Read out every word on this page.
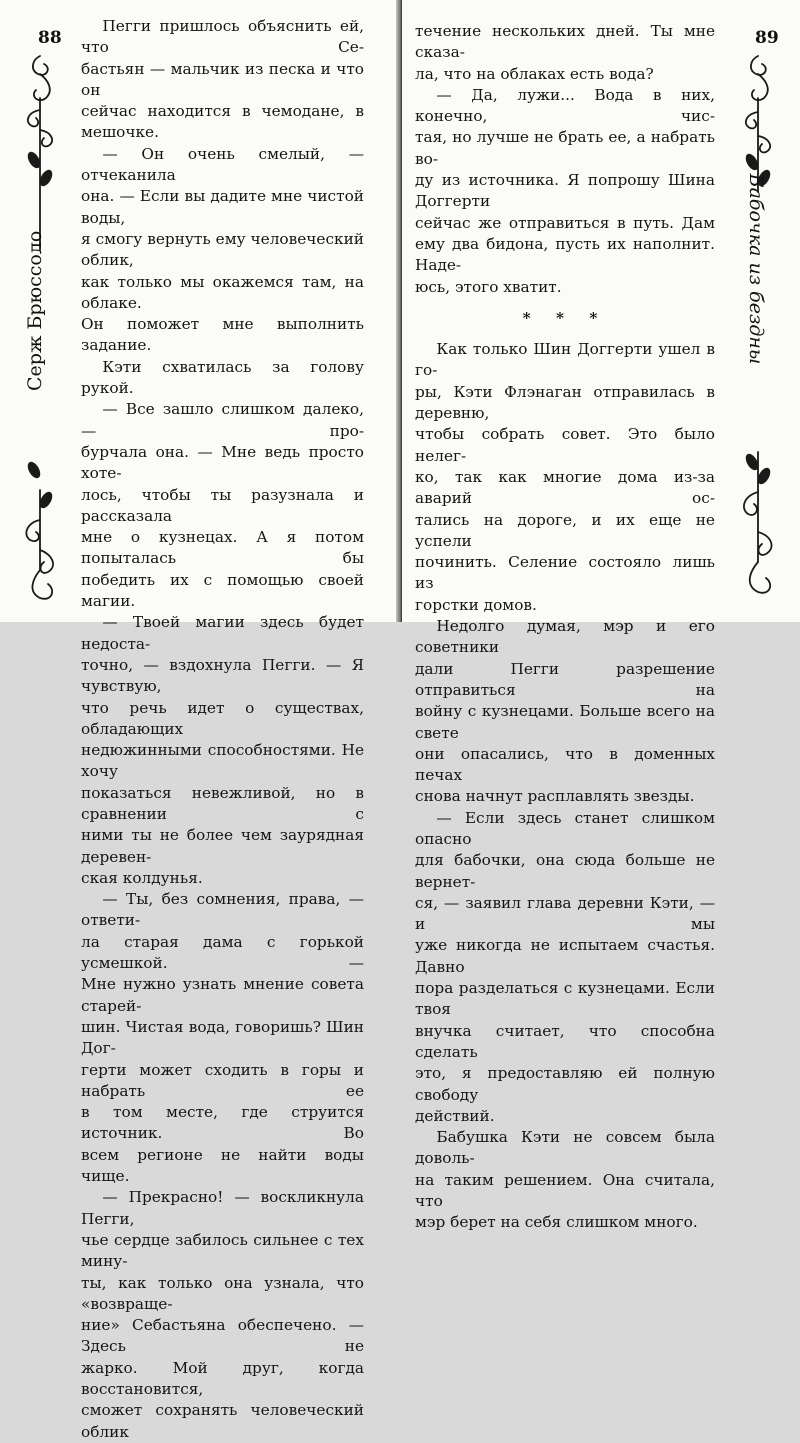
88
Серж Брюссоло
Пегги пришлось объяснить ей, что Се-
бастьян — мальчик из песка и что он
сейчас находится в чемодане, в мешочке.
— Он очень смелый, — отчеканила
она. — Если вы дадите мне чистой воды,
я смогу вернуть ему человеческий облик,
как только мы окажемся там, на облаке.
Он поможет мне выполнить задание.
Кэти схватилась за голову рукой.
— Все зашло слишком далеко, — про-
бурчала она. — Мне ведь просто хоте-
лось, чтобы ты разузнала и рассказала
мне о кузнецах. А я потом попыталась бы
победить их с помощью своей магии.
— Твоей магии здесь будет недоста-
точно, — вздохнула Пегги. — Я чувствую,
что речь идет о существах, обладающих
недюжинными способностями. Не хочу
показаться невежливой, но в сравнении с
ними ты не более чем заурядная деревен-
ская колдунья.
— Ты, без сомнения, права, — ответи-
ла старая дама с горькой усмешкой. —
Мне нужно узнать мнение совета старей-
шин. Чистая вода, говоришь? Шин Дог-
герти может сходить в горы и набрать ее
в том месте, где струится источник. Во
всем регионе не найти воды чище.
— Прекрасно! — воскликнула Пегги,
чье сердце забилось сильнее с тех мину-
ты, как только она узнала, что «возвраще-
ние» Себастьяна обеспечено. — Здесь не
жарко. Мой друг, когда восстановится,
сможет сохранять человеческий облик
89
Бабочка из бездны
течение нескольких дней. Ты мне сказа-
ла, что на облаках есть вода?
— Да, лужи... Вода в них, конечно, чис-
тая, но лучше не брать ее, а набрать во-
ду из источника. Я попрошу Шина Доггерти
сейчас же отправиться в путь. Дам
ему два бидона, пусть их наполнит. Наде-
юсь, этого хватит.

* * *

Как только Шин Доггерти ушел в го-
ры, Кэти Флэнаган отправилась в деревню,
чтобы собрать совет. Это было нелег-
ко, так как многие дома из-за аварий ос-
тались на дороге, и их еще не успели
починить. Селение состояло лишь из
горстки домов.
Недолго думая, мэр и его советники
дали Пегги разрешение отправиться на
войну с кузнецами. Больше всего на свете
они опасались, что в доменных печах
снова начнут расплавлять звезды.
— Если здесь станет слишком опасно
для бабочки, она сюда больше не вернет-
ся, — заявил глава деревни Кэти, — и мы
уже никогда не испытаем счастья. Давно
пора разделаться с кузнецами. Если твоя
внучка считает, что способна сделать
это, я предоставляю ей полную свободу
действий.
Бабушка Кэти не совсем была доволь-
на таким решением. Она считала, что
мэр берет на себя слишком много.
